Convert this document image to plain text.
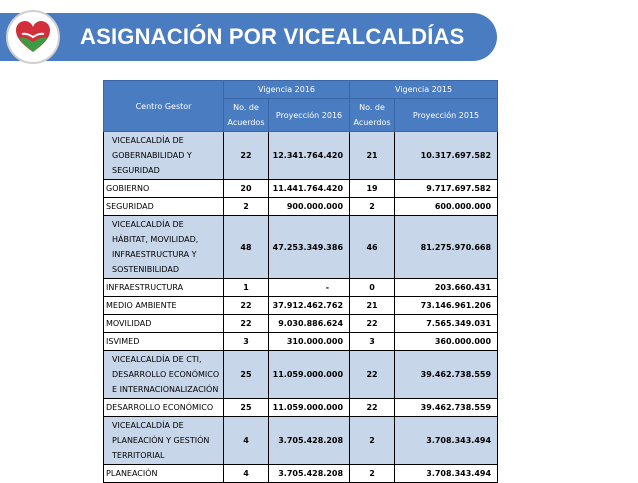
ASIGNACIÓN POR VICEALCALDÍAS
Centro Gestor	Vigencia 2016		Vigencia 2015	
	No. de Acuerdos	Proyección 2016	No. de Acuerdos	Proyección 2015
VICEALCALDÍA DE GOBERNABILIDAD Y SEGURIDAD	22	12.341.764.420	21	10.317.697.582
GOBIERNO	20	11.441.764.420	19	9.717.697.582
SEGURIDAD	2	900.000.000	2	600.000.000
VICEALCALDÍA DE HÁBITAT, MOVILIDAD, INFRAESTRUCTURA Y SOSTENIBILIDAD	48	47.253.349.386	46	81.275.970.668
INFRAESTRUCTURA	1	-	0	203.660.431
MEDIO AMBIENTE	22	37.912.462.762	21	73.146.961.206
MOVILIDAD	22	9.030.886.624	22	7.565.349.031
ISVIMED	3	310.000.000	3	360.000.000
VICEALCALDÍA DE CTI, DESARROLLO ECONÓMICO E INTERNACIONALIZACIÓN	25	11.059.000.000	22	39.462.738.559
DESARROLLO ECONÓMICO	25	11.059.000.000	22	39.462.738.559
VICEALCALDÍA DE PLANEACIÓN Y GESTIÓN TERRITORIAL	4	3.705.428.208	2	3.708.343.494
PLANEACIÓN	4	3.705.428.208	2	3.708.343.494
